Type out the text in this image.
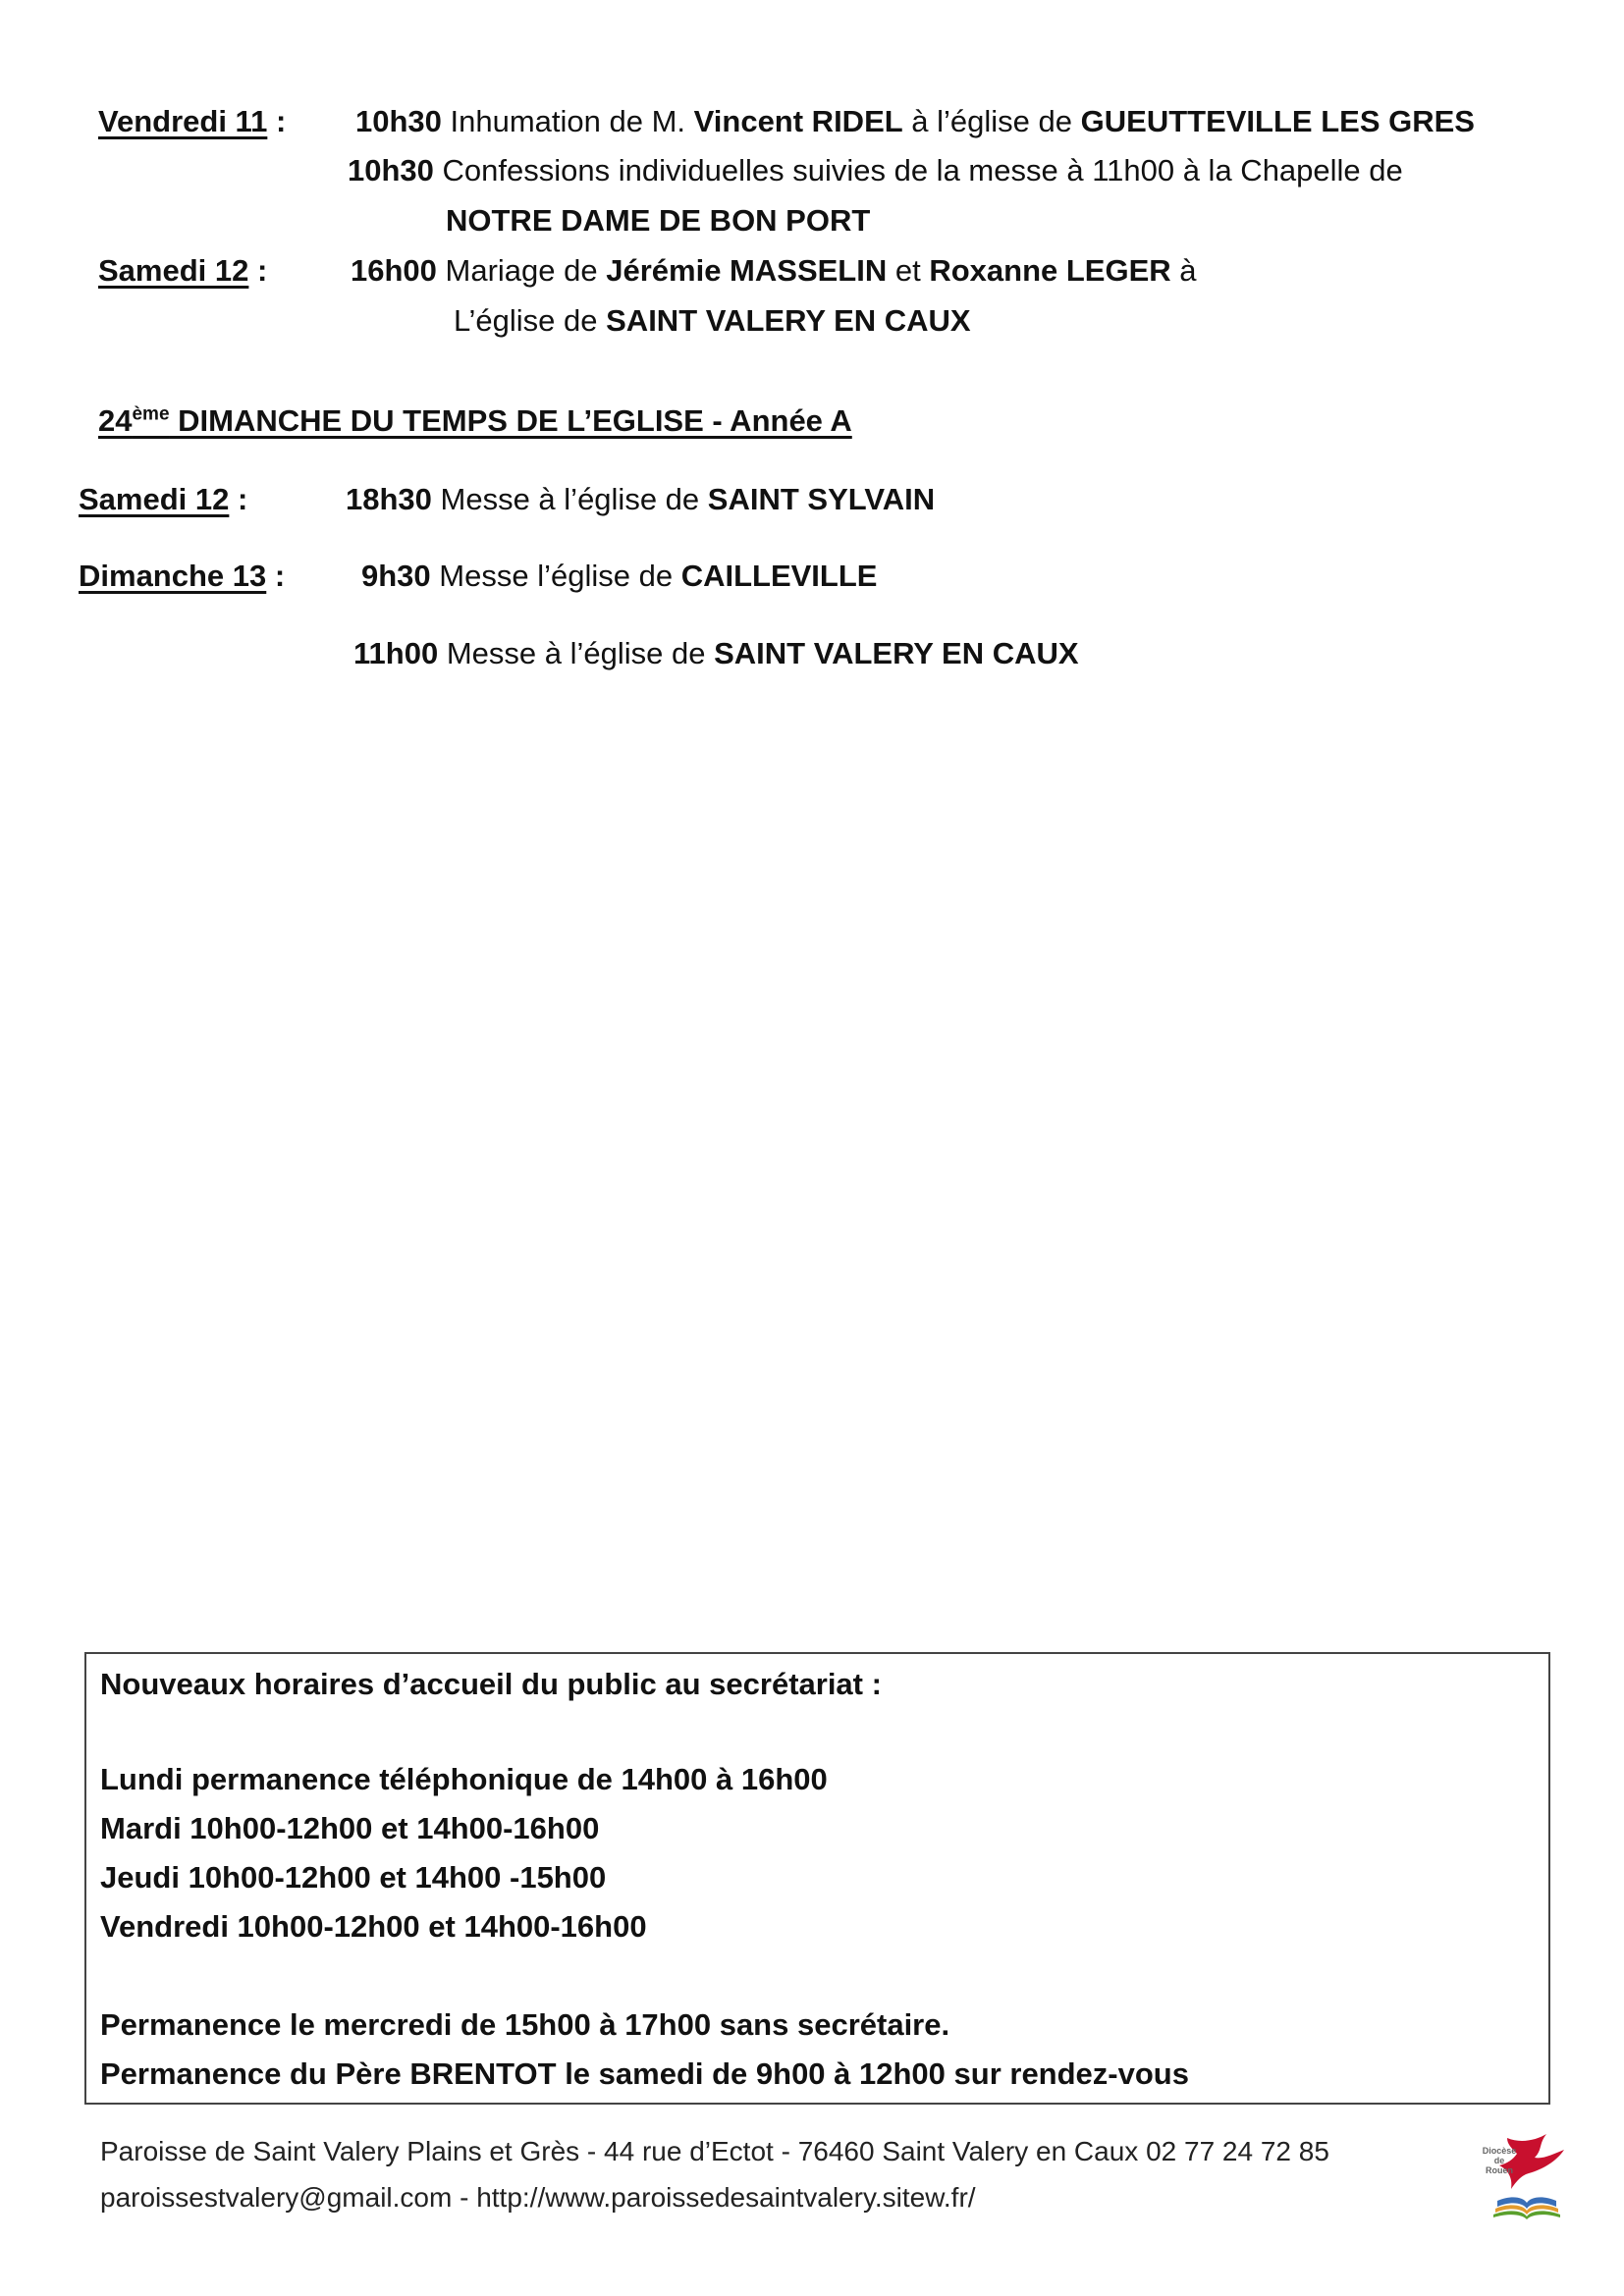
Vendredi 11 : 10h30 Inhumation de M. Vincent RIDEL à l’église de GUEUTTEVILLE LES GRES
10h30 Confessions individuelles suivies de la messe à 11h00 à la Chapelle de
NOTRE DAME DE BON PORT
Samedi 12 :	16h00 Mariage de Jérémie MASSELIN et Roxanne LEGER à
L’église de SAINT VALERY EN CAUX
24ème DIMANCHE DU TEMPS DE L’EGLISE - Année A
Samedi 12 :	18h30 Messe à l’église de SAINT SYLVAIN
Dimanche 13 :	9h30 Messe l’église de CAILLEVILLE
11h00 Messe à l’église de SAINT VALERY EN CAUX
Nouveaux horaires d’accueil du public au secrétariat :
Lundi permanence téléphonique de 14h00 à 16h00
Mardi 10h00-12h00 et 14h00-16h00
Jeudi 10h00-12h00 et 14h00 -15h00
Vendredi 10h00-12h00 et 14h00-16h00
Permanence le mercredi de 15h00 à 17h00 sans secrétaire.
Permanence du Père BRENTOT le samedi de 9h00 à 12h00 sur rendez-vous
Paroisse de Saint Valery Plains et Grès - 44 rue d’Ectot - 76460 Saint Valery en Caux 02 77 24 72 85
paroissestvalery@gmail.com - http://www.paroissedesaintvalery.sitew.fr/
Diocèse
de Rouen
